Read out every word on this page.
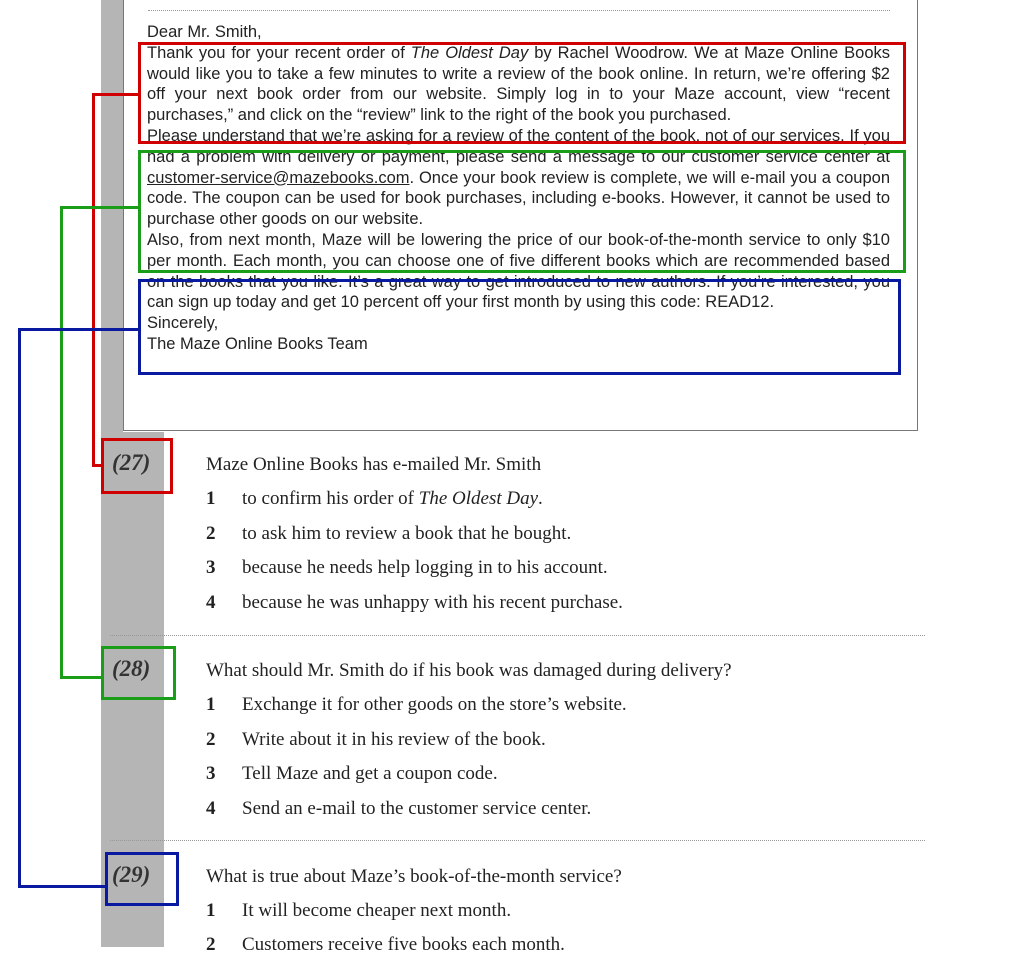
Dear Mr. Smith,

Thank you for your recent order of The Oldest Day by Rachel Woodrow. We at Maze Online Books would like you to take a few minutes to write a review of the book online. In return, we’re offering $2 off your next book order from our website. Simply log in to your Maze account, view “recent purchases,” and click on the “review” link to the right of the book you purchased.

Please understand that we’re asking for a review of the content of the book, not of our services. If you had a problem with delivery or payment, please send a message to our customer service center at customer-service@mazebooks.com. Once your book review is complete, we will e-mail you a coupon code. The coupon can be used for book purchases, including e-books. However, it cannot be used to purchase other goods on our website.

Also, from next month, Maze will be lowering the price of our book-of-the-month service to only $10 per month. Each month, you can choose one of five different books which are recommended based on the books that you like. It’s a great way to get introduced to new authors. If you’re interested, you can sign up today and get 10 percent off your first month by using this code: READ12.

Sincerely,

The Maze Online Books Team

(27)	Maze Online Books has e-mailed Mr. Smith
1 to confirm his order of The Oldest Day.
2 to ask him to review a book that he bought.
3 because he needs help logging in to his account.
4 because he was unhappy with his recent purchase.
(28)	What should Mr. Smith do if his book was damaged during delivery?
1 Exchange it for other goods on the store’s website.
2 Write about it in his review of the book.
3 Tell Maze and get a coupon code.
4 Send an e-mail to the customer service center.
(29)	What is true about Maze’s book-of-the-month service?
1 It will become cheaper next month.
2 Customers receive five books each month.
